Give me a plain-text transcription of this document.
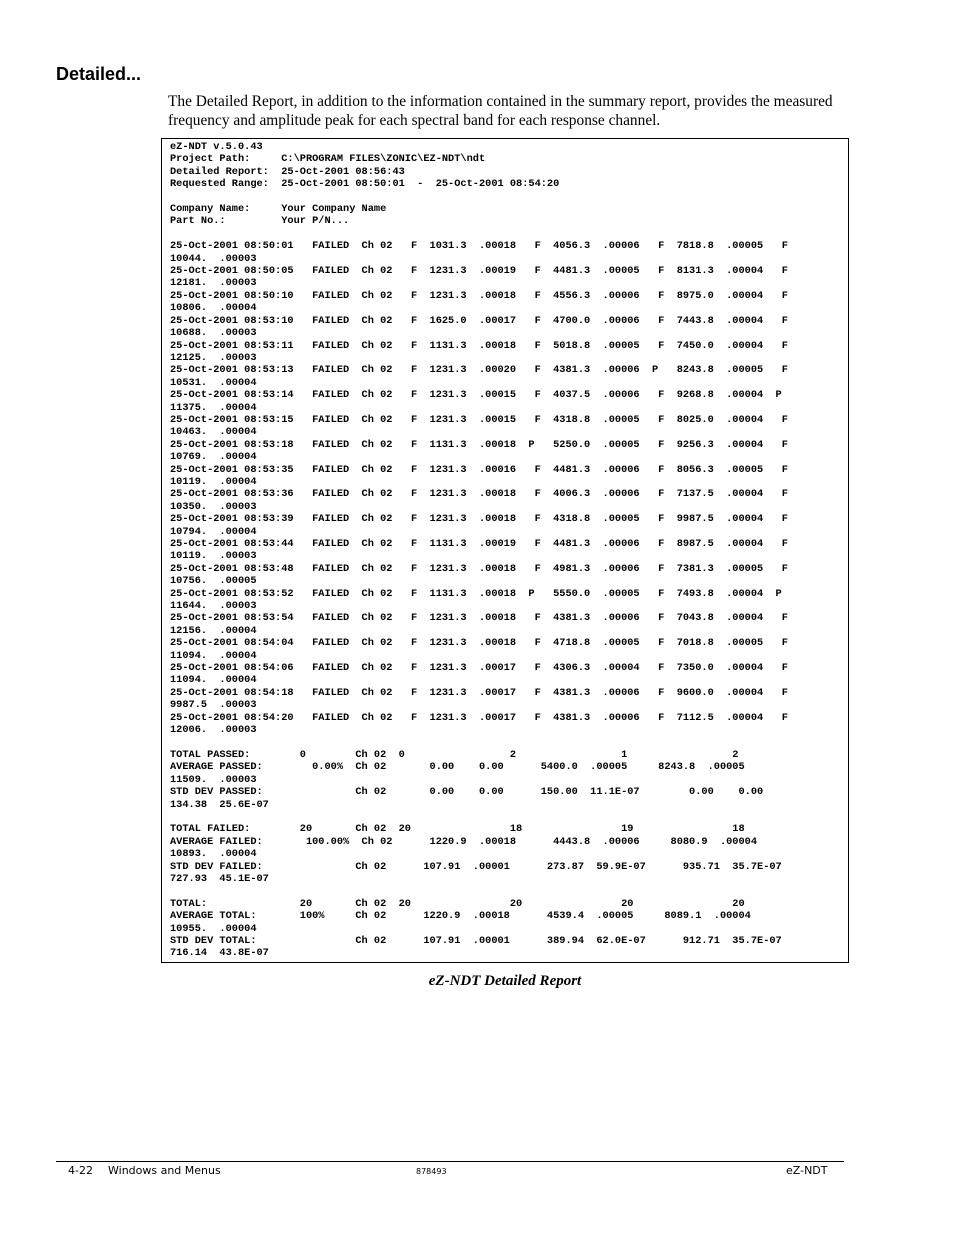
Detailed...
The Detailed Report, in addition to the information contained in the summary report, provides the measured frequency and amplitude peak for each spectral band for each response channel.
eZ-NDT v.5.0.43
Project Path:     C:\PROGRAM FILES\ZONIC\EZ-NDT\ndt
Detailed Report:  25-Oct-2001 08:56:43
Requested Range:  25-Oct-2001 08:50:01  -  25-Oct-2001 08:54:20

Company Name:     Your Company Name
Part No.:         Your P/N...

25-Oct-2001 08:50:01   FAILED  Ch 02   F  1031.3  .00018   F  4056.3  .00006   F  7818.8  .00005   F
10044.  .00003
25-Oct-2001 08:50:05   FAILED  Ch 02   F  1231.3  .00019   F  4481.3  .00005   F  8131.3  .00004   F
12181.  .00003
25-Oct-2001 08:50:10   FAILED  Ch 02   F  1231.3  .00018   F  4556.3  .00006   F  8975.0  .00004   F
10806.  .00004
25-Oct-2001 08:53:10   FAILED  Ch 02   F  1625.0  .00017   F  4700.0  .00006   F  7443.8  .00004   F
10688.  .00003
25-Oct-2001 08:53:11   FAILED  Ch 02   F  1131.3  .00018   F  5018.8  .00005   F  7450.0  .00004   F
12125.  .00003
25-Oct-2001 08:53:13   FAILED  Ch 02   F  1231.3  .00020   F  4381.3  .00006  P   8243.8  .00005   F
10531.  .00004
25-Oct-2001 08:53:14   FAILED  Ch 02   F  1231.3  .00015   F  4037.5  .00006   F  9268.8  .00004  P
11375.  .00004
25-Oct-2001 08:53:15   FAILED  Ch 02   F  1231.3  .00015   F  4318.8  .00005   F  8025.0  .00004   F
10463.  .00004
25-Oct-2001 08:53:18   FAILED  Ch 02   F  1131.3  .00018  P   5250.0  .00005   F  9256.3  .00004   F
10769.  .00004
25-Oct-2001 08:53:35   FAILED  Ch 02   F  1231.3  .00016   F  4481.3  .00006   F  8056.3  .00005   F
10119.  .00004
25-Oct-2001 08:53:36   FAILED  Ch 02   F  1231.3  .00018   F  4006.3  .00006   F  7137.5  .00004   F
10350.  .00003
25-Oct-2001 08:53:39   FAILED  Ch 02   F  1231.3  .00018   F  4318.8  .00005   F  9987.5  .00004   F
10794.  .00004
25-Oct-2001 08:53:44   FAILED  Ch 02   F  1131.3  .00019   F  4481.3  .00006   F  8987.5  .00004   F
10119.  .00003
25-Oct-2001 08:53:48   FAILED  Ch 02   F  1231.3  .00018   F  4981.3  .00006   F  7381.3  .00005   F
10756.  .00005
25-Oct-2001 08:53:52   FAILED  Ch 02   F  1131.3  .00018  P   5550.0  .00005   F  7493.8  .00004  P
11644.  .00003
25-Oct-2001 08:53:54   FAILED  Ch 02   F  1231.3  .00018   F  4381.3  .00006   F  7043.8  .00004   F
12156.  .00004
25-Oct-2001 08:54:04   FAILED  Ch 02   F  1231.3  .00018   F  4718.8  .00005   F  7018.8  .00005   F
11094.  .00004
25-Oct-2001 08:54:06   FAILED  Ch 02   F  1231.3  .00017   F  4306.3  .00004   F  7350.0  .00004   F
11094.  .00004
25-Oct-2001 08:54:18   FAILED  Ch 02   F  1231.3  .00017   F  4381.3  .00006   F  9600.0  .00004   F
9987.5  .00003
25-Oct-2001 08:54:20   FAILED  Ch 02   F  1231.3  .00017   F  4381.3  .00006   F  7112.5  .00004   F
12006.  .00003

TOTAL PASSED:        0        Ch 02  0                 2                 1                 2
AVERAGE PASSED:        0.00%  Ch 02       0.00    0.00      5400.0  .00005     8243.8  .00005
11509.  .00003
STD DEV PASSED:               Ch 02       0.00    0.00      150.00  11.1E-07        0.00    0.00
134.38  25.6E-07

TOTAL FAILED:        20       Ch 02  20                18                19                18
AVERAGE FAILED:       100.00%  Ch 02      1220.9  .00018      4443.8  .00006     8080.9  .00004
10893.  .00004
STD DEV FAILED:               Ch 02      107.91  .00001      273.87  59.9E-07      935.71  35.7E-07
727.93  45.1E-07

TOTAL:               20       Ch 02  20                20                20                20
AVERAGE TOTAL:       100%     Ch 02      1220.9  .00018      4539.4  .00005     8089.1  .00004
10955.  .00004
STD DEV TOTAL:                Ch 02      107.91  .00001      389.94  62.0E-07      912.71  35.7E-07
716.14  43.8E-07

eZ-NDT Detailed Report
4-22 Windows and Menus	878493	eZ-NDT
